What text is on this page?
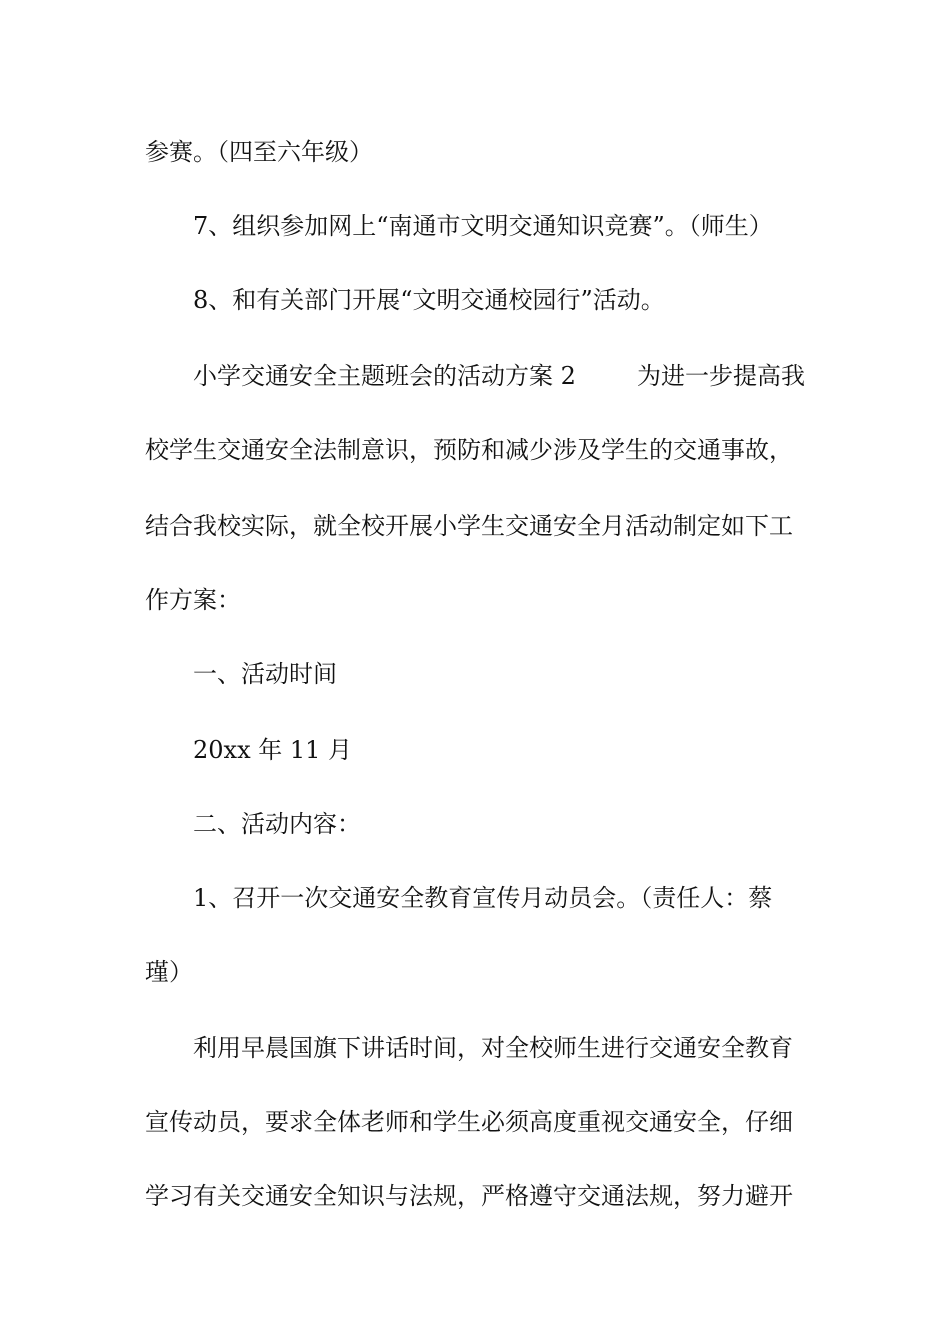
参赛。（四至六年级）
7、组织参加网上“南通市文明交通知识竞赛”。（师生）
8、和有关部门开展“文明交通校园行”活动。
小学交通安全主题班会的活动方案 2	为进一步提高我
校学生交通安全法制意识，预防和减少涉及学生的交通事故，
结合我校实际，就全校开展小学生交通安全月活动制定如下工
作方案：
一、活动时间
20xx 年 11 月
二、活动内容：
1、召开一次交通安全教育宣传月动员会。（责任人：蔡
瑾）
利用早晨国旗下讲话时间，对全校师生进行交通安全教育
宣传动员，要求全体老师和学生必须高度重视交通安全，仔细
学习有关交通安全知识与法规，严格遵守交通法规，努力避开
